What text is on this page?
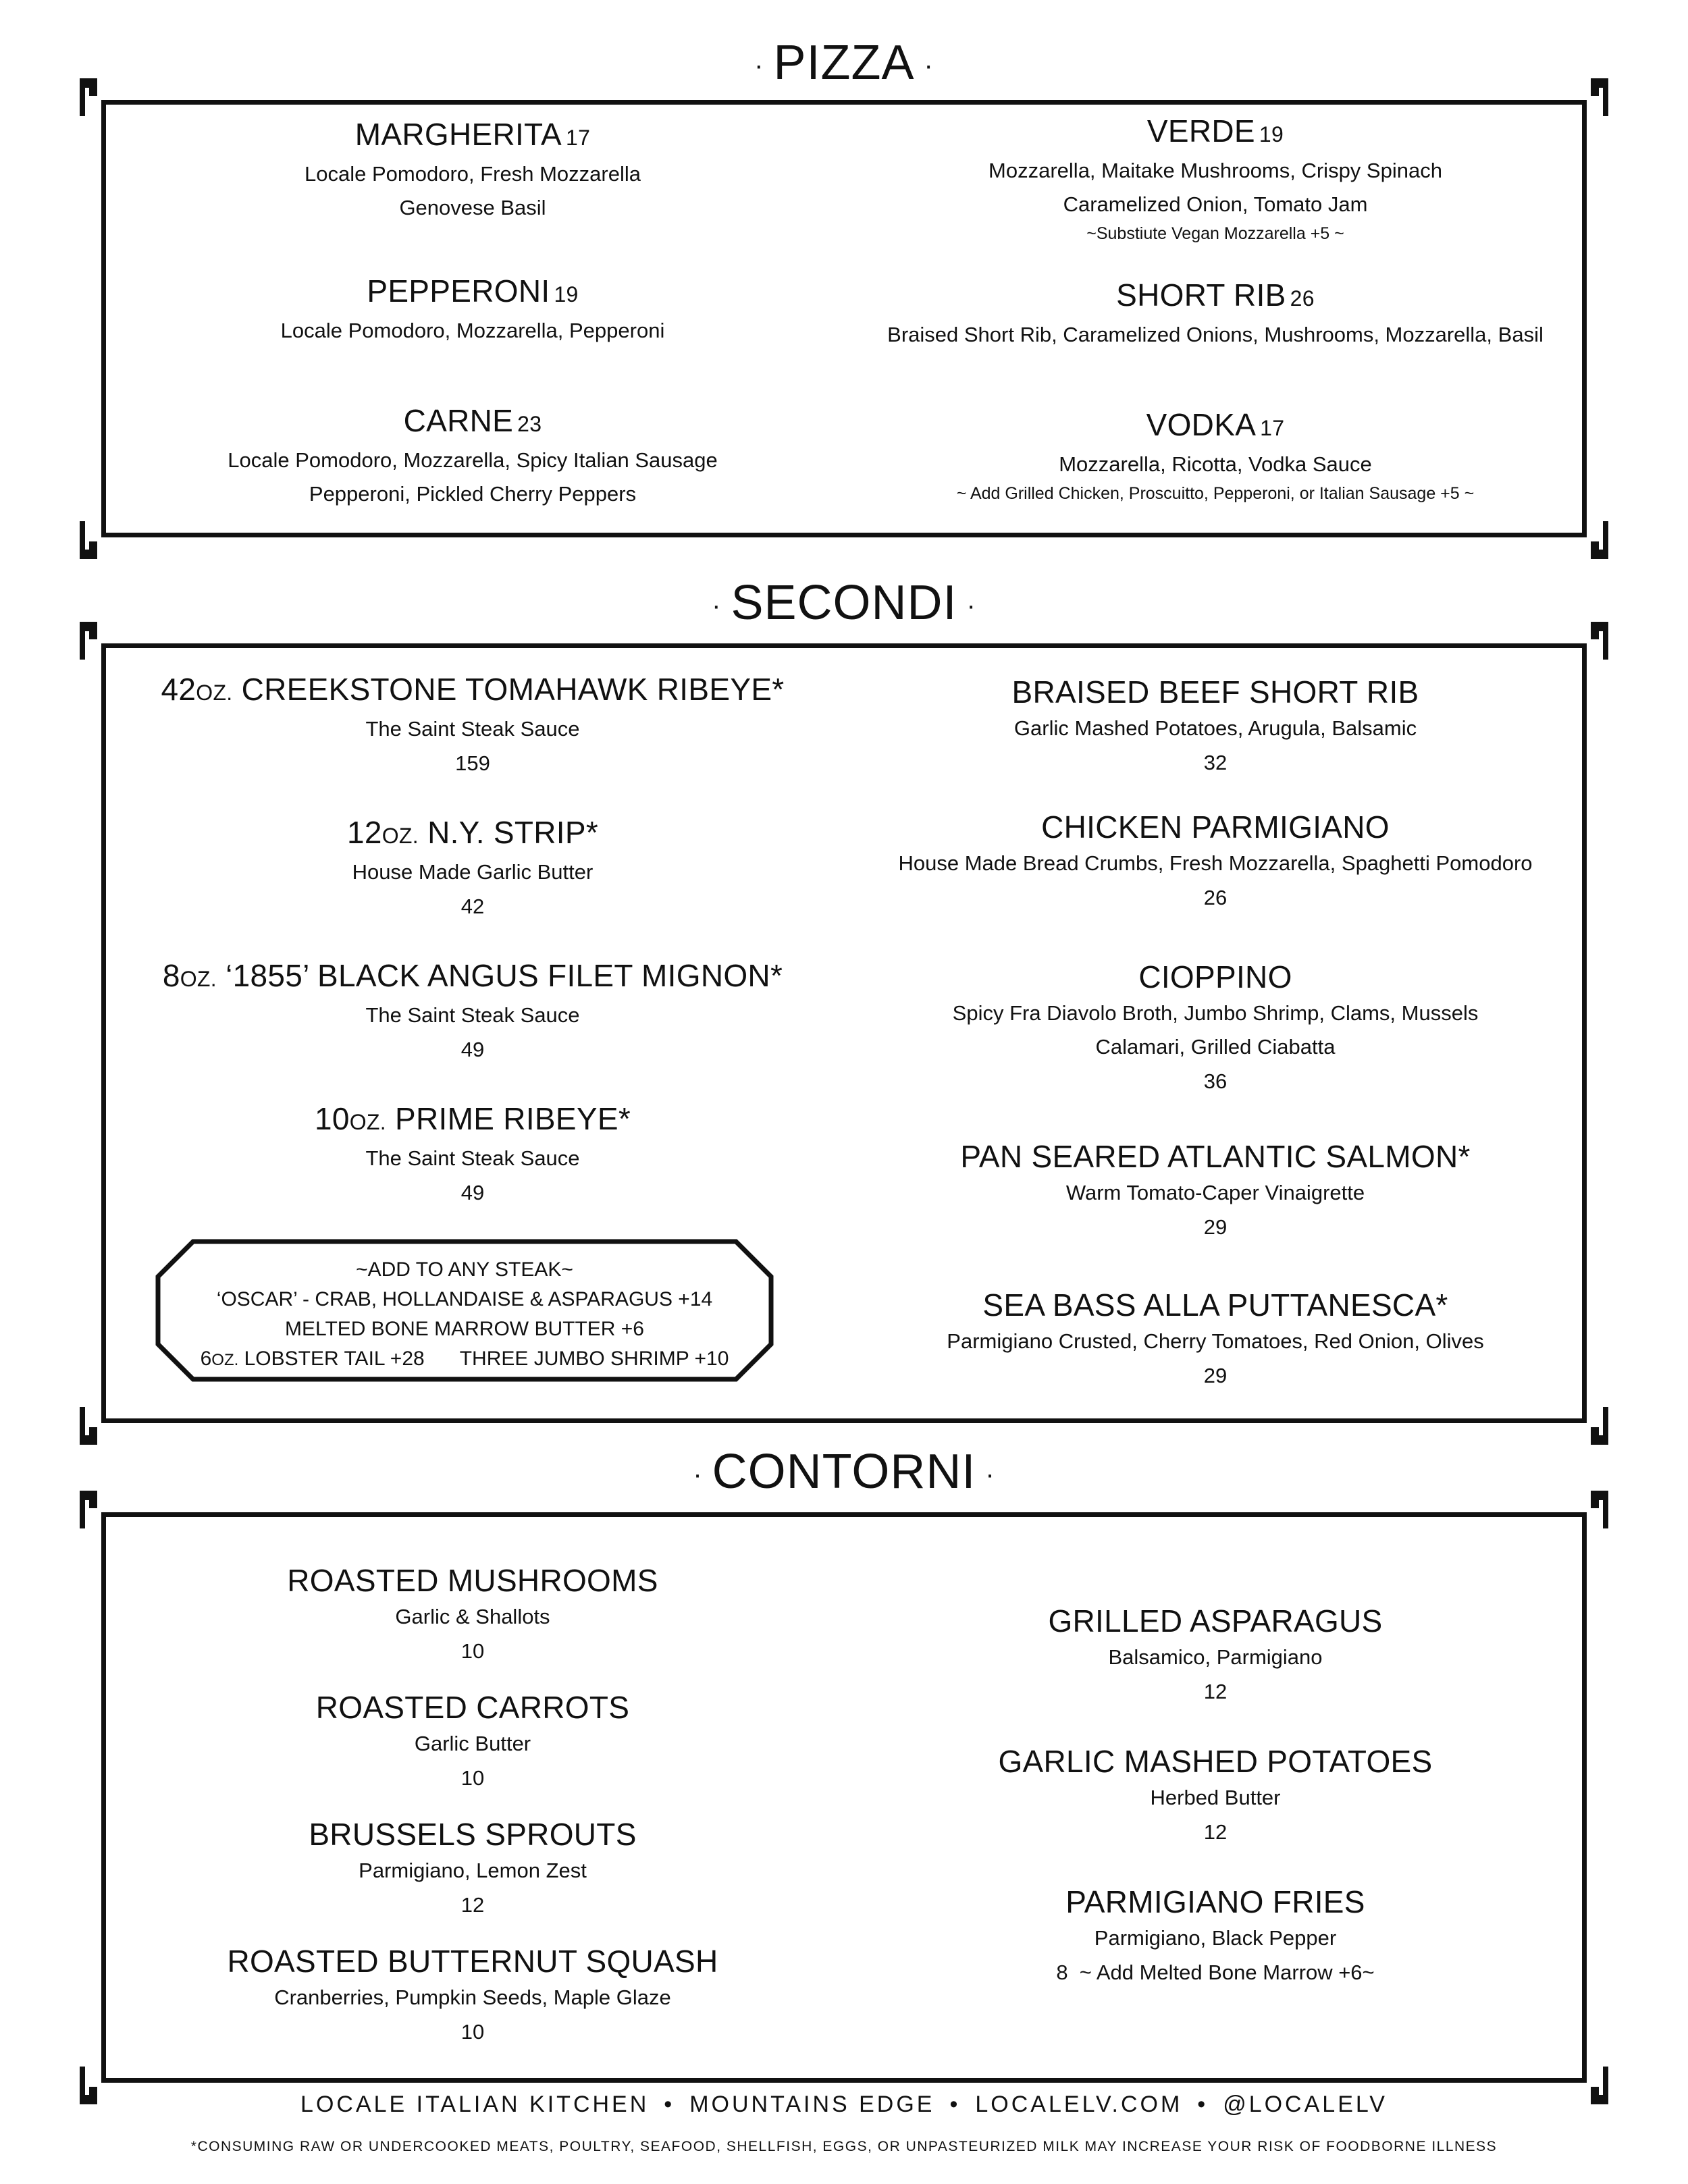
· PIZZA ·
MARGHERITA 17
Locale Pomodoro, Fresh Mozzarella
Genovese Basil
VERDE 19
Mozzarella, Maitake Mushrooms, Crispy Spinach
Caramelized Onion, Tomato Jam
~Substiute Vegan Mozzarella +5 ~
PEPPERONI 19
Locale Pomodoro, Mozzarella, Pepperoni
SHORT RIB 26
Braised Short Rib, Caramelized Onions, Mushrooms, Mozzarella, Basil
CARNE 23
Locale Pomodoro, Mozzarella, Spicy Italian Sausage
Pepperoni, Pickled Cherry Peppers
VODKA 17
Mozzarella, Ricotta, Vodka Sauce
~ Add Grilled Chicken, Proscuitto, Pepperoni, or Italian Sausage +5 ~
· SECONDI ·
42OZ. CREEKSTONE TOMAHAWK RIBEYE*
The Saint Steak Sauce
159
12OZ. N.Y. STRIP*
House Made Garlic Butter
42
8OZ. ‘1855’ BLACK ANGUS FILET MIGNON*
The Saint Steak Sauce
49
10OZ. PRIME RIBEYE*
The Saint Steak Sauce
49
~ADD TO ANY STEAK~
‘OSCAR’ - CRAB, HOLLANDAISE & ASPARAGUS +14
MELTED BONE MARROW BUTTER +6
6OZ. LOBSTER TAIL +28 THREE JUMBO SHRIMP +10
BRAISED BEEF SHORT RIB
Garlic Mashed Potatoes, Arugula, Balsamic
32
CHICKEN PARMIGIANO
House Made Bread Crumbs, Fresh Mozzarella, Spaghetti Pomodoro
26
CIOPPINO
Spicy Fra Diavolo Broth, Jumbo Shrimp, Clams, Mussels
Calamari, Grilled Ciabatta
36
PAN SEARED ATLANTIC SALMON*
Warm Tomato-Caper Vinaigrette
29
SEA BASS ALLA PUTTANESCA*
Parmigiano Crusted, Cherry Tomatoes, Red Onion, Olives
29
· CONTORNI ·
ROASTED MUSHROOMS
Garlic & Shallots
10
ROASTED CARROTS
Garlic Butter
10
BRUSSELS SPROUTS
Parmigiano, Lemon Zest
12
ROASTED BUTTERNUT SQUASH
Cranberries, Pumpkin Seeds, Maple Glaze
10
GRILLED ASPARAGUS
Balsamico, Parmigiano
12
GARLIC MASHED POTATOES
Herbed Butter
12
PARMIGIANO FRIES
Parmigiano, Black Pepper
8  ~ Add Melted Bone Marrow +6~
LOCALE ITALIAN KITCHEN • MOUNTAINS EDGE • LOCALELV.COM • @LOCALELV
*CONSUMING RAW OR UNDERCOOKED MEATS, POULTRY, SEAFOOD, SHELLFISH, EGGS, OR UNPASTEURIZED MILK MAY INCREASE YOUR RISK OF FOODBORNE ILLNESS
